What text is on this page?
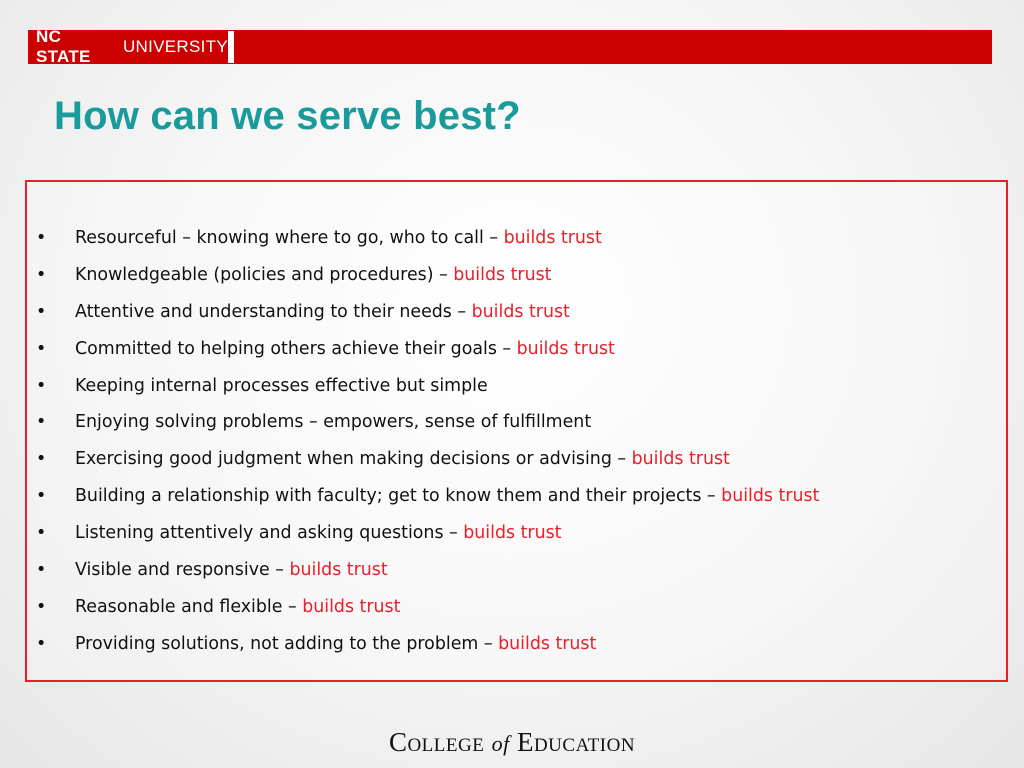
NC STATE
UNIVERSITY
How can we serve best?
• Resourceful – knowing where to go, who to call – builds trust
• Knowledgeable (policies and procedures) – builds trust
• Attentive and understanding to their needs – builds trust
• Committed to helping others achieve their goals – builds trust
• Keeping internal processes effective but simple
• Enjoying solving problems – empowers, sense of fulfillment
• Exercising good judgment when making decisions or advising – builds trust
• Building a relationship with faculty; get to know them and their projects – builds trust
• Listening attentively and asking questions – builds trust
• Visible and responsive – builds trust
• Reasonable and flexible – builds trust
• Providing solutions, not adding to the problem – builds trust
COLLEGE of EDUCATION
